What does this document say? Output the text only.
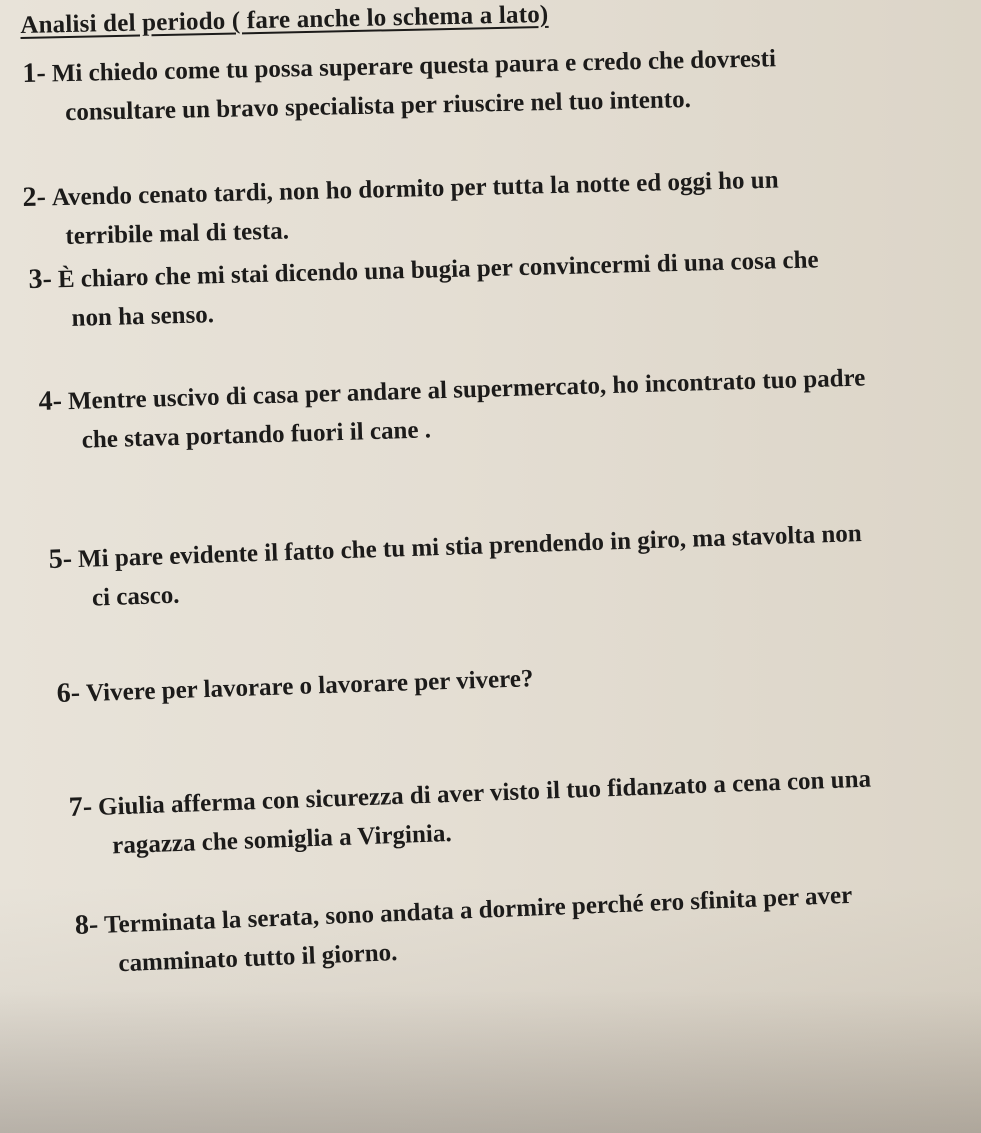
Analisi del periodo ( fare anche lo schema a lato)
1- Mi chiedo come tu possa superare questa paura e credo che dovresti
consultare un bravo specialista per riuscire nel tuo intento.
2- Avendo cenato tardi, non ho dormito per tutta la notte ed oggi ho un
terribile mal di testa.
3- È chiaro che mi stai dicendo una bugia per convincermi di una cosa che
non ha senso.
4- Mentre uscivo di casa per andare al supermercato, ho incontrato tuo padre
che stava portando fuori il cane .
5- Mi pare evidente il fatto che tu mi stia prendendo in giro, ma stavolta non
ci casco.
6- Vivere per lavorare o lavorare per vivere?
7- Giulia afferma con sicurezza di aver visto il tuo fidanzato a cena con una
ragazza che somiglia a Virginia.
8- Terminata la serata, sono andata a dormire perché ero sfinita per aver
camminato tutto il giorno.
